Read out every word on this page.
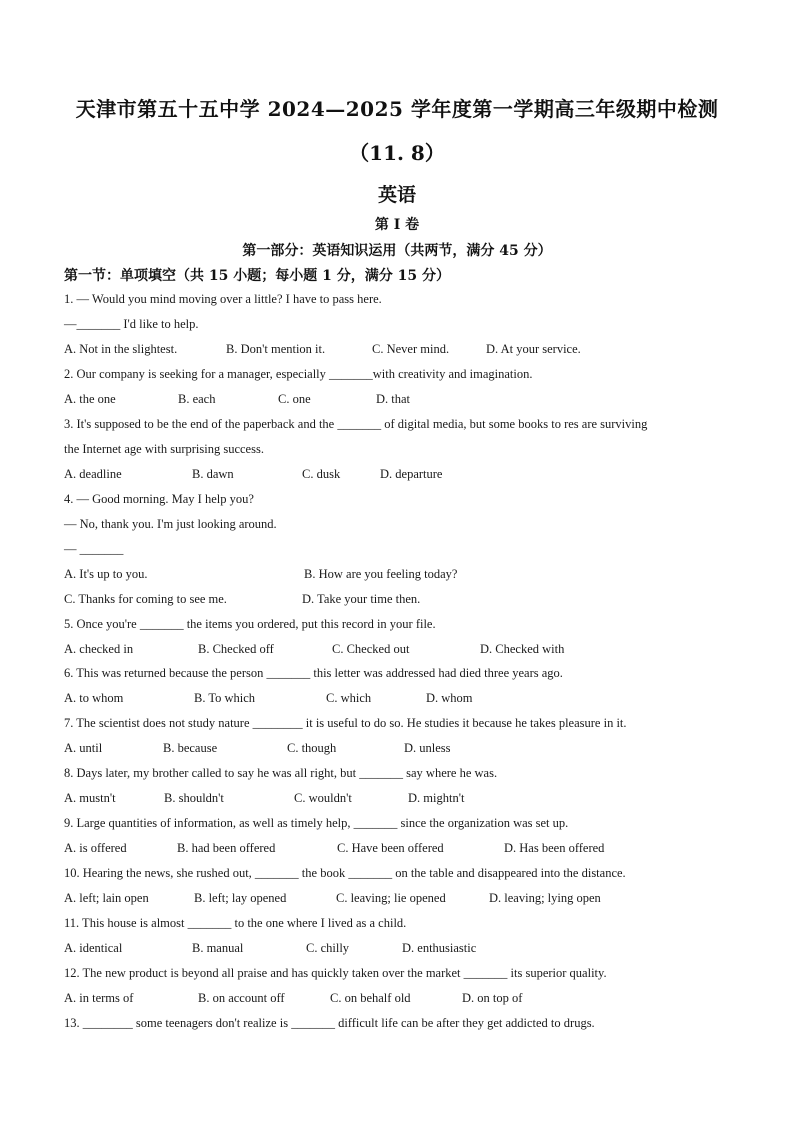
天津市第五十五中学 2024—2025 学年度第一学期高三年级期中检测
（11. 8）
英语
第 I 卷
第一部分：英语知识运用（共两节，满分 45 分）
第一节：单项填空（共 15 小题；每小题 1 分，满分 15 分）
1. — Would you mind moving over a little? I have to pass here.
—_______ I'd like to help.
A. Not in the slightest.	B. Don't mention it.	C. Never mind.	D. At your service.
2. Our company is seeking for a manager, especially _______with creativity and imagination.
A. the one	B. each	C. one	D. that
3. It's supposed to be the end of the paperback and the _______ of digital media, but some books to res are surviving
the Internet age with surprising success.
A. deadline	B. dawn	C. dusk	D. departure
4. — Good morning. May I help you?
— No, thank you. I'm just looking around.
— _______
A. It's up to you.	B. How are you feeling today?
C. Thanks for coming to see me.	D. Take your time then.
5. Once you're _______ the items you ordered, put this record in your file.
A. checked in	B. Checked off	C. Checked out	D. Checked with
6. This was returned because the person _______ this letter was addressed had died three years ago.
A. to whom	B. To which	C. which	D. whom
7. The scientist does not study nature ________ it is useful to do so. He studies it because he takes pleasure in it.
A. until	B. because	C. though	D. unless
8. Days later, my brother called to say he was all right, but _______ say where he was.
A. mustn't	B. shouldn't	C. wouldn't	D. mightn't
9. Large quantities of information, as well as timely help, _______ since the organization was set up.
A. is offered	B. had been offered	C. Have been offered	D. Has been offered
10. Hearing the news, she rushed out, _______ the book _______ on the table and disappeared into the distance.
A. left; lain open	B. left; lay opened	C. leaving; lie opened	D. leaving; lying open
11. This house is almost _______ to the one where I lived as a child.
A. identical	B. manual	C. chilly	D. enthusiastic
12. The new product is beyond all praise and has quickly taken over the market _______ its superior quality.
A. in terms of	B. on account off	C. on behalf old	D. on top of
13. ________ some teenagers don't realize is _______ difficult life can be after they get addicted to drugs.
